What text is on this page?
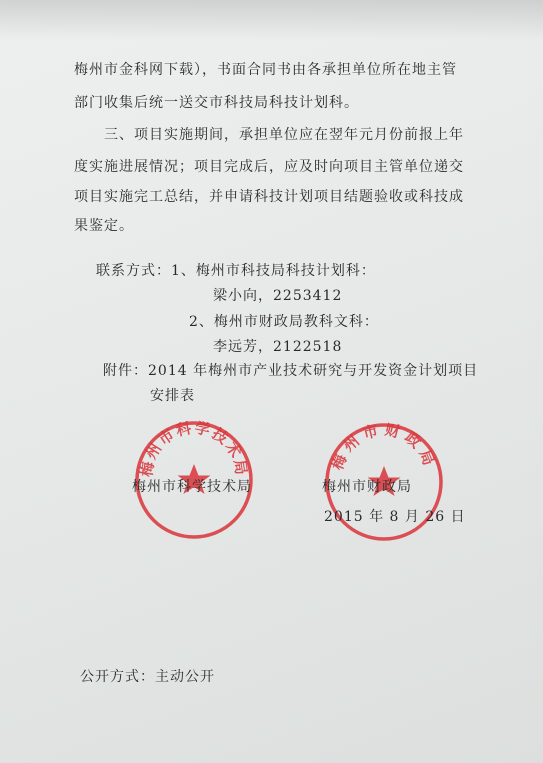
梅州市金科网下载），书面合同书由各承担单位所在地主管
部门收集后统一送交市科技局科技计划科。
三、项目实施期间，承担单位应在翌年元月份前报上年
度实施进展情况；项目完成后，应及时向项目主管单位递交
项目实施完工总结，并申请科技计划项目结题验收或科技成
果鉴定。
联系方式：1、梅州市科技局科技计划科：
梁小向，2253412
2、梅州市财政局教科文科：
李远芳，2122518
附件：2014 年梅州市产业技术研究与开发资金计划项目
安排表
梅州市科学技术局	梅州市财政局
梅州市科学技术局	梅州市财政局
2015 年 8 月 26 日
公开方式：主动公开
